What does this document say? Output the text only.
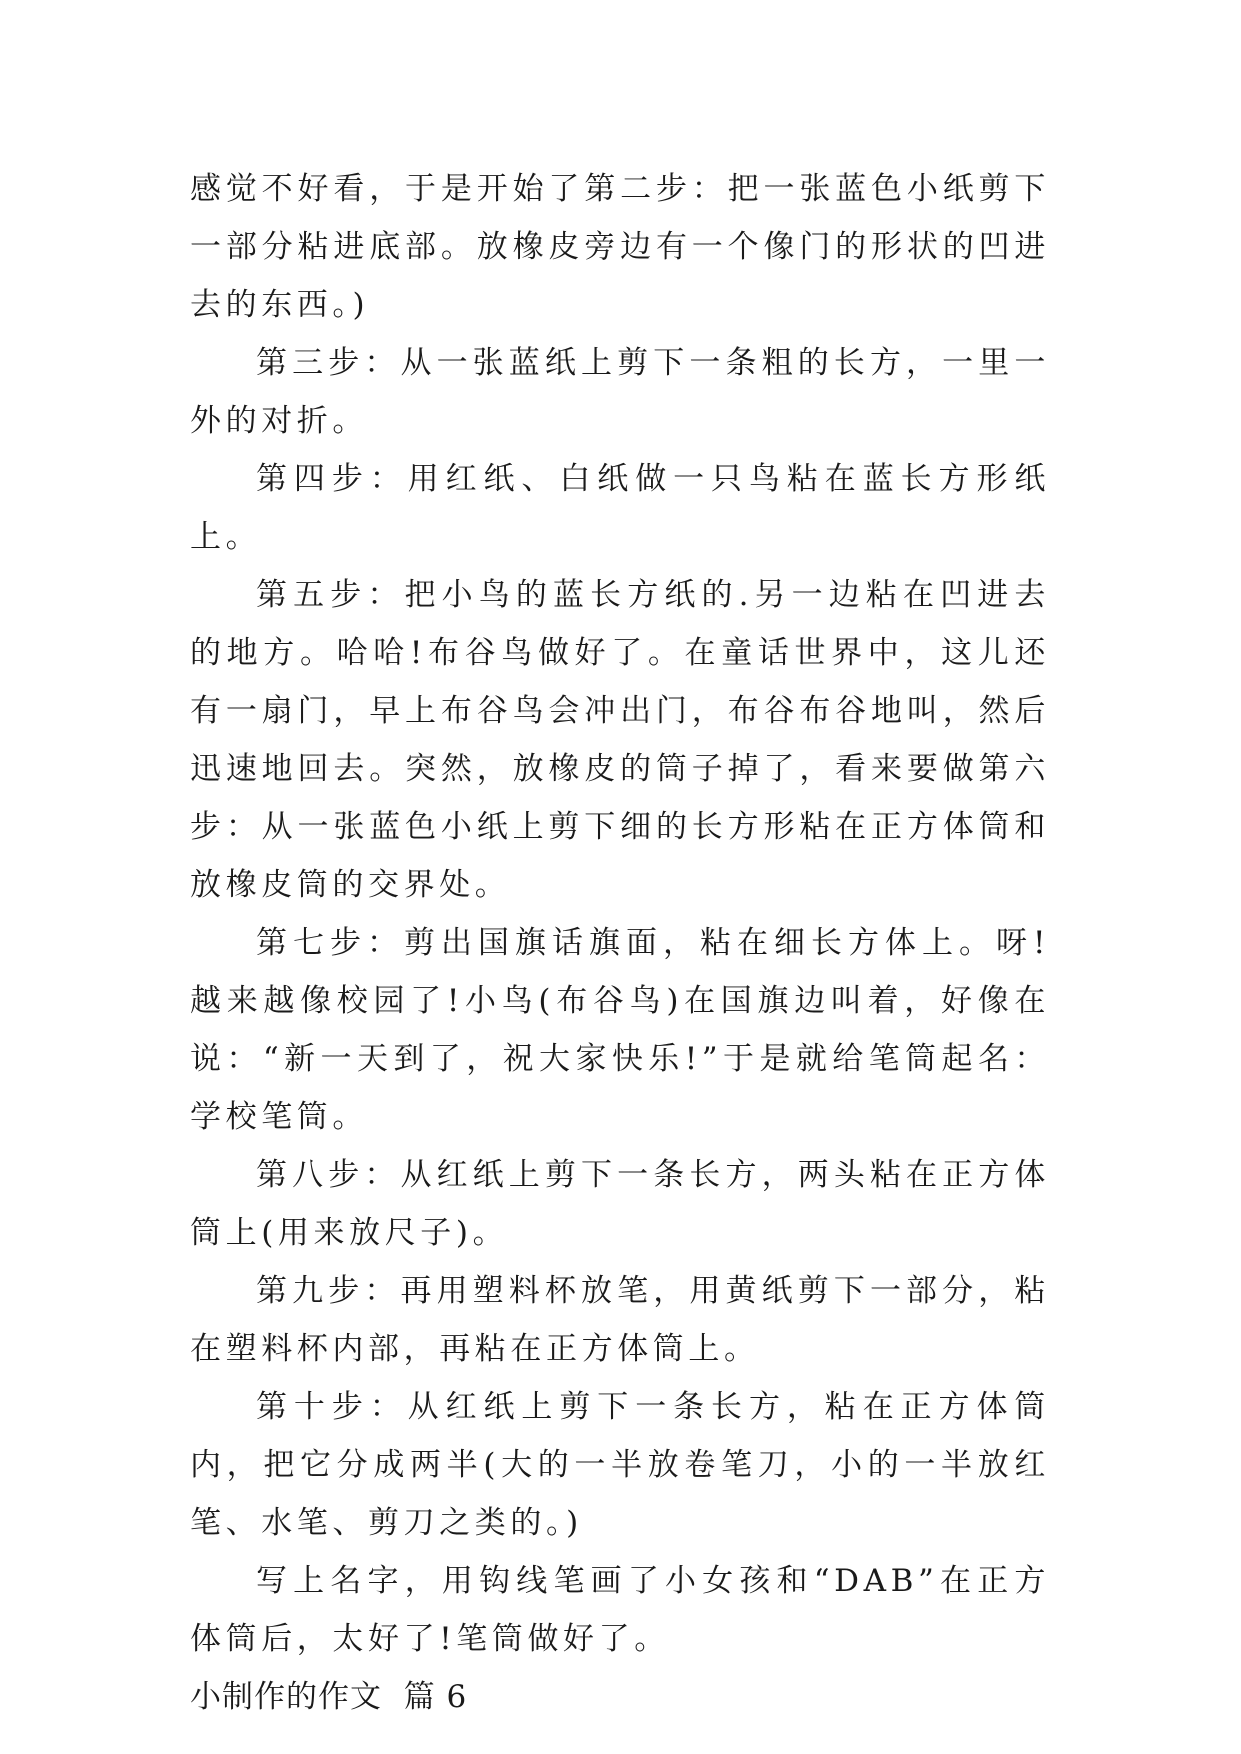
感觉不好看，于是开始了第二步：把一张蓝色小纸剪下一部分粘进底部。放橡皮旁边有一个像门的形状的凹进去的东西。)

第三步：从一张蓝纸上剪下一条粗的长方，一里一外的对折。

第四步：用红纸、白纸做一只鸟粘在蓝长方形纸上。

第五步：把小鸟的蓝长方纸的.另一边粘在凹进去的地方。哈哈!布谷鸟做好了。在童话世界中，这儿还有一扇门，早上布谷鸟会冲出门，布谷布谷地叫，然后迅速地回去。突然，放橡皮的筒子掉了，看来要做第六步：从一张蓝色小纸上剪下细的长方形粘在正方体筒和放橡皮筒的交界处。

第七步：剪出国旗话旗面，粘在细长方体上。呀!越来越像校园了!小鸟(布谷鸟)在国旗边叫着，好像在说：“新一天到了，祝大家快乐!”于是就给笔筒起名：学校笔筒。

第八步：从红纸上剪下一条长方，两头粘在正方体筒上(用来放尺子)。

第九步：再用塑料杯放笔，用黄纸剪下一部分，粘在塑料杯内部，再粘在正方体筒上。

第十步：从红纸上剪下一条长方，粘在正方体筒内，把它分成两半(大的一半放卷笔刀，小的一半放红笔、水笔、剪刀之类的。)

写上名字，用钩线笔画了小女孩和“DAB”在正方体筒后，太好了!笔筒做好了。

小制作的作文  篇 6
